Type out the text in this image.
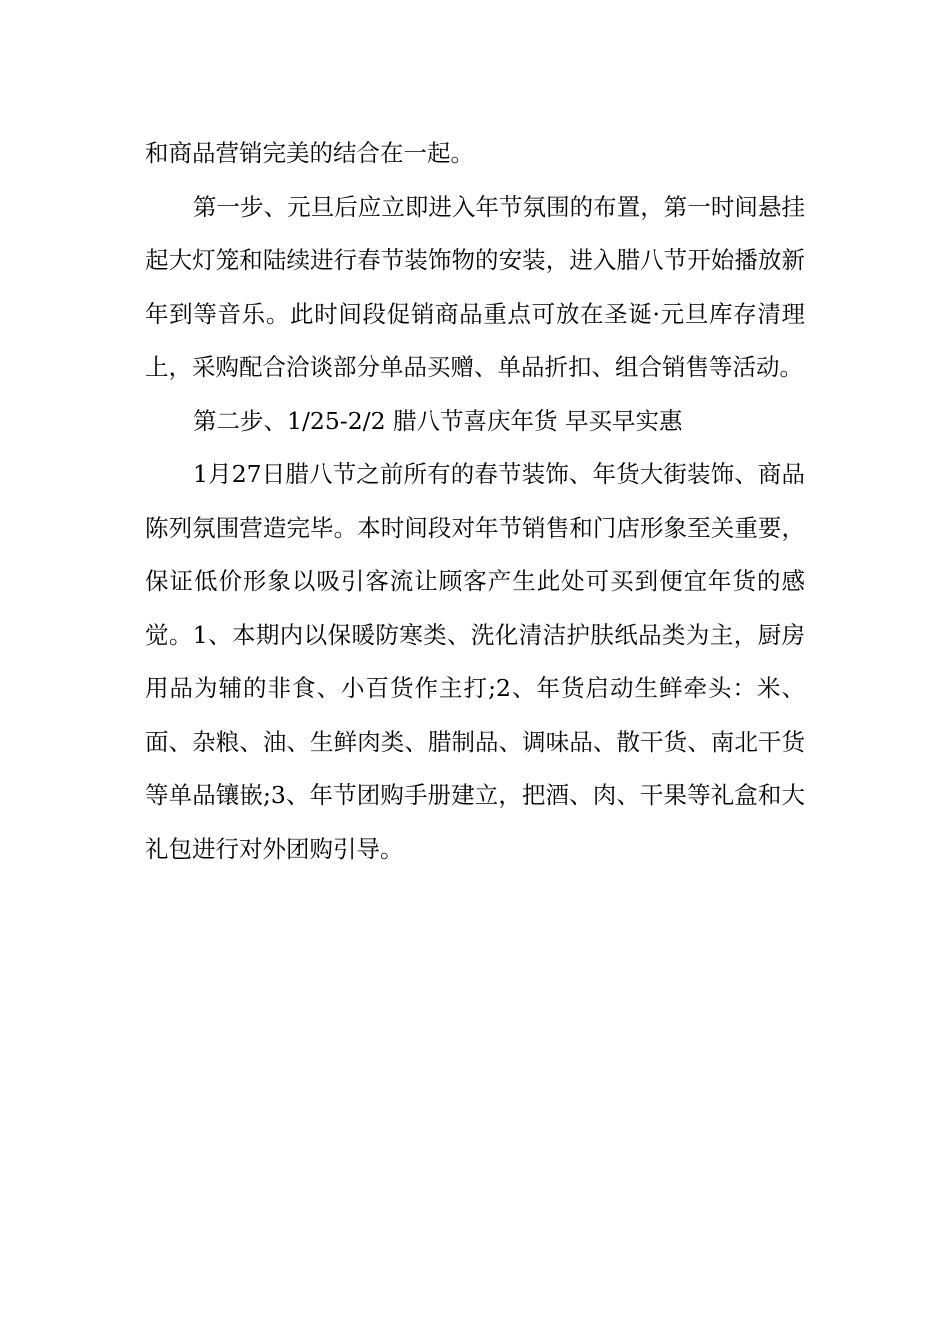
和商品营销完美的结合在一起。

第一步、元旦后应立即进入年节氛围的布置，第一时间悬挂起大灯笼和陆续进行春节装饰物的安装，进入腊八节开始播放新年到等音乐。此时间段促销商品重点可放在圣诞·元旦库存清理上，采购配合洽谈部分单品买赠、单品折扣、组合销售等活动。

第二步、1/25-2/2 腊八节喜庆年货 早买早实惠

1月27日腊八节之前所有的春节装饰、年货大街装饰、商品陈列氛围营造完毕。本时间段对年节销售和门店形象至关重要，保证低价形象以吸引客流让顾客产生此处可买到便宜年货的感觉。1、本期内以保暖防寒类、洗化清洁护肤纸品类为主，厨房用品为辅的非食、小百货作主打;2、年货启动生鲜牵头：米、面、杂粮、油、生鲜肉类、腊制品、调味品、散干货、南北干货等单品镶嵌;3、年节团购手册建立，把酒、肉、干果等礼盒和大礼包进行对外团购引导。
